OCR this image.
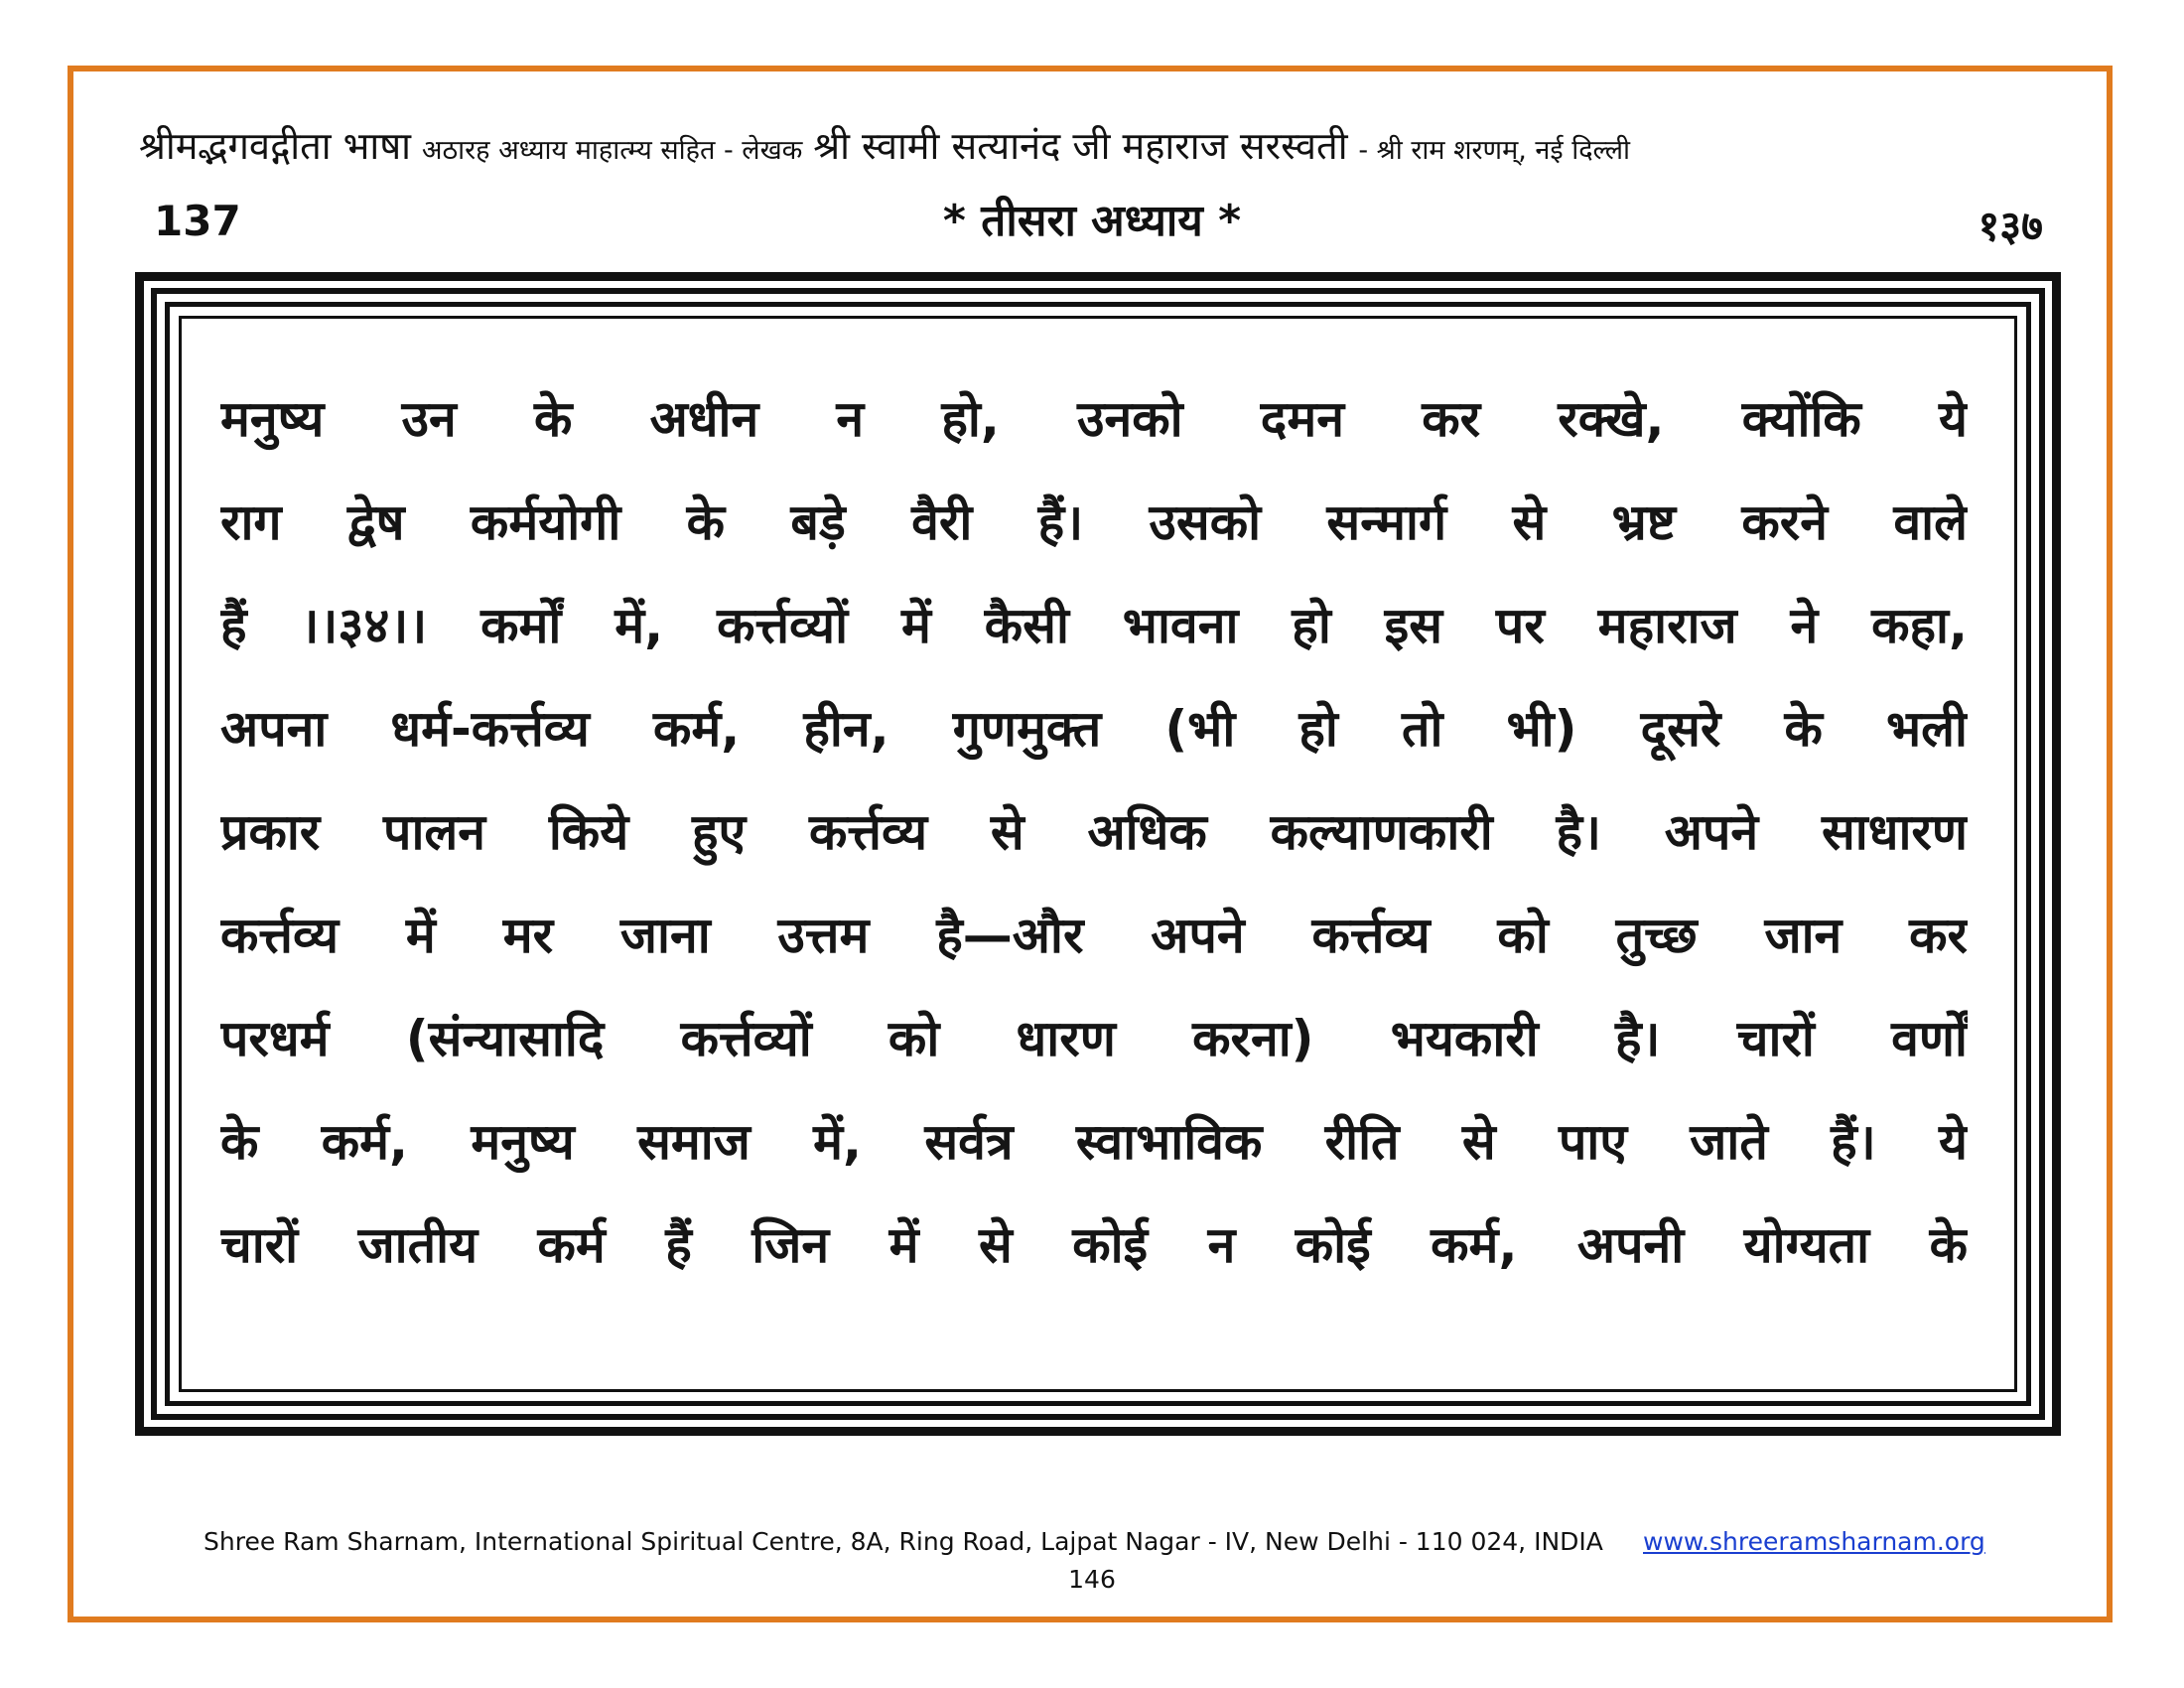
श्रीमद्भगवद्गीता भाषा अठारह अध्याय माहात्म्य सहित - लेखक श्री स्वामी सत्यानंद जी महाराज सरस्वती - श्री राम शरणम्, नई दिल्ली
137	* तीसरा अध्याय *	१३७
मनुष्य उन के अधीन न हो, उनको दमन कर रक्खे, क्योंकि ये
राग द्वेष कर्मयोगी के बड़े वैरी हैं। उसको सन्मार्ग से भ्रष्ट करने वाले
हैं ।।३४।। कर्मों में, कर्त्तव्यों में कैसी भावना हो इस पर महाराज ने कहा,
अपना धर्म-कर्त्तव्य कर्म, हीन, गुणमुक्त (भी हो तो भी) दूसरे के भली
प्रकार पालन किये हुए कर्त्तव्य से अधिक कल्याणकारी है। अपने साधारण
कर्त्तव्य में मर जाना उत्तम है—और अपने कर्त्तव्य को तुच्छ जान कर
परधर्म (संन्यासादि कर्त्तव्यों को धारण करना) भयकारी है। चारों वर्णों
के कर्म, मनुष्य समाज में, सर्वत्र स्वाभाविक रीति से पाए जाते हैं। ये
चारों जातीय कर्म हैं जिन में से कोई न कोई कर्म, अपनी योग्यता के
Shree Ram Sharnam, International Spiritual Centre, 8A, Ring Road, Lajpat Nagar - IV, New Delhi - 110 024, INDIA www.shreeramsharnam.org
146
